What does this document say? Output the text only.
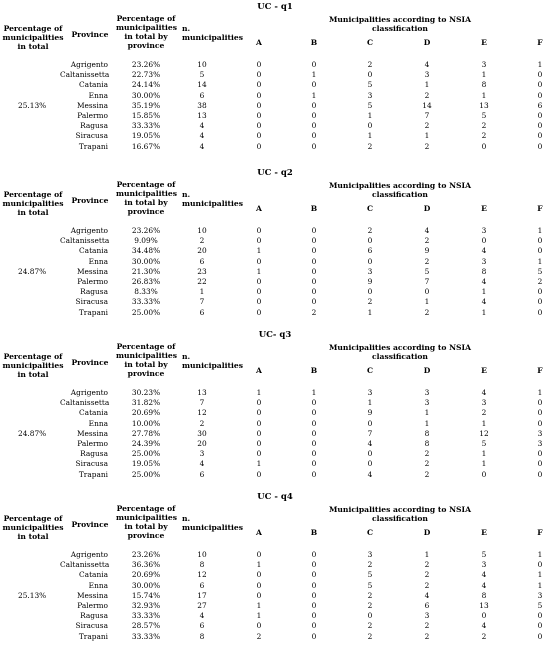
UC - q1
Percentage of municipalities in total
Province
Percentage of municipalities in total by province
n. municipalities
Municipalities according to NSIA classification
A	B	C	D	E	F
25.13%
Agrigento	23.26%	10	0	0	2	4	3	1
Caltanissetta	22.73%	5	0	1	0	3	1	0
Catania	24.14%	14	0	0	5	1	8	0
Enna	30.00%	6	0	1	3	2	1	0
Messina	35.19%	38	0	0	5	14	13	6
Palermo	15.85%	13	0	0	1	7	5	0
Ragusa	33.33%	4	0	0	0	2	2	0
Siracusa	19.05%	4	0	0	1	1	2	0
Trapani	16.67%	4	0	0	2	2	0	0
UC - q2
Percentage of municipalities in total
Province
Percentage of municipalities in total by province
n. municipalities
Municipalities according to NSIA classification
A	B	C	D	E	F
24.87%
Agrigento	23.26%	10	0	0	2	4	3	1
Caltanissetta	9.09%	2	0	0	0	2	0	0
Catania	34.48%	20	1	0	6	9	4	0
Enna	30.00%	6	0	0	0	2	3	1
Messina	21.30%	23	1	0	3	5	8	5
Palermo	26.83%	22	0	0	9	7	4	2
Ragusa	8.33%	1	0	0	0	0	1	0
Siracusa	33.33%	7	0	0	2	1	4	0
Trapani	25.00%	6	0	2	1	2	1	0
UC- q3
Percentage of municipalities in total
Province
Percentage of municipalities in total by province
n. municipalities
Municipalities according to NSIA classification
A	B	C	D	E	F
24.87%
Agrigento	30.23%	13	1	1	3	3	4	1
Caltanissetta	31.82%	7	0	0	1	3	3	0
Catania	20.69%	12	0	0	9	1	2	0
Enna	10.00%	2	0	0	0	1	1	0
Messina	27.78%	30	0	0	7	8	12	3
Palermo	24.39%	20	0	0	4	8	5	3
Ragusa	25.00%	3	0	0	0	2	1	0
Siracusa	19.05%	4	1	0	0	2	1	0
Trapani	25.00%	6	0	0	4	2	0	0
UC - q4
Percentage of municipalities in total
Province
Percentage of municipalities in total by province
n. municipalities
Municipalities according to NSIA classification
A	B	C	D	E	F
25.13%
Agrigento	23.26%	10	0	0	3	1	5	1
Caltanissetta	36.36%	8	1	0	2	2	3	0
Catania	20.69%	12	0	0	5	2	4	1
Enna	30.00%	6	0	0	5	2	4	1
Messina	15.74%	17	0	0	2	4	8	3
Palermo	32.93%	27	1	0	2	6	13	5
Ragusa	33.33%	4	1	0	0	3	0	0
Siracusa	28.57%	6	0	0	2	2	4	0
Trapani	33.33%	8	2	0	2	2	2	0
